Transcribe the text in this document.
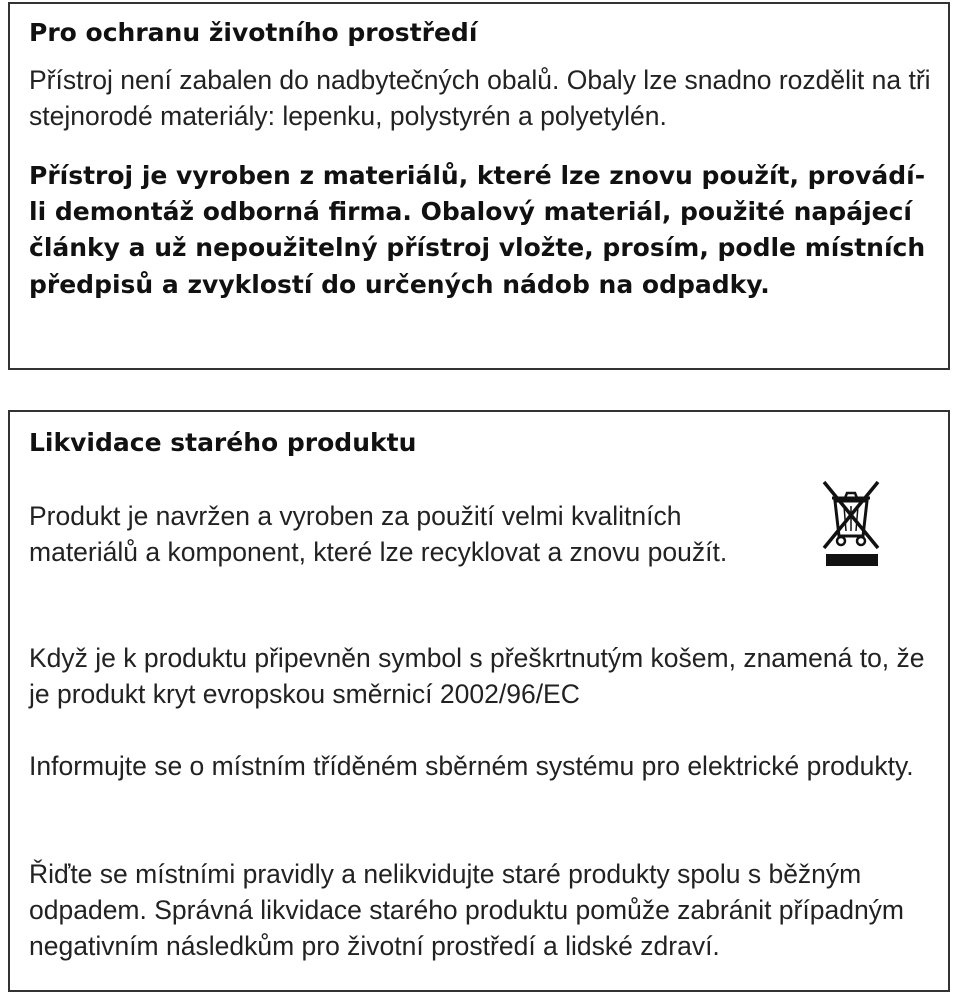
Pro ochranu životního prostředí

Přístroj není zabalen do nadbytečných obalů. Obaly lze snadno rozdělit na tři stejnorodé materiály: lepenku, polystyrén a polyetylén.

Přístroj je vyroben z materiálů, které lze znovu použít, provádí-li demontáž odborná firma. Obalový materiál, použité napájecí články a už nepoužitelný přístroj vložte, prosím, podle místních předpisů a zvyklostí do určených nádob na odpadky.

Likvidace starého produktu

Produkt je navržen a vyroben za použití velmi kvalitních materiálů a komponent, které lze recyklovat a znovu použít.

Když je k produktu připevněn symbol s přeškrtnutým košem, znamená to, že je produkt kryt evropskou směrnicí 2002/96/EC

Informujte se o místním tříděném sběrném systému pro elektrické produkty.

Řiďte se místními pravidly a nelikvidujte staré produkty spolu s běžným odpadem. Správná likvidace starého produktu pomůže zabránit případným negativním následkům pro životní prostředí a lidské zdraví.
